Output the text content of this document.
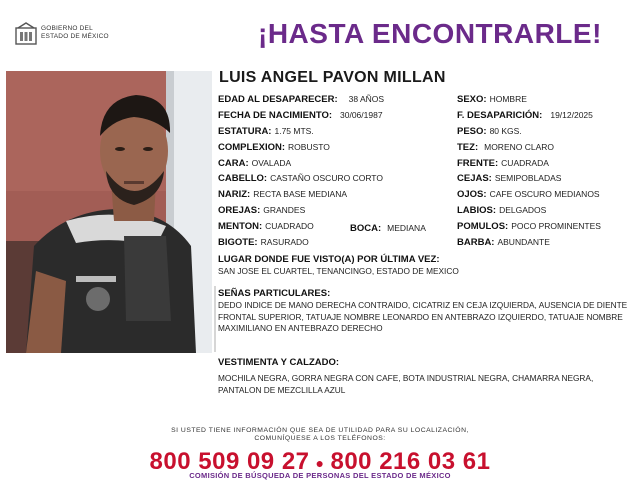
GOBIERNO DEL
ESTADO DE MÉXICO	¡HASTA ENCONTRARLE!
LUIS ANGEL PAVON MILLAN
EDAD AL DESAPARECER: 38 AÑOS
FECHA DE NACIMIENTO: 30/06/1987
ESTATURA: 1.75 MTS.
COMPLEXION: ROBUSTO
CARA: OVALADA
CABELLO: CASTAÑO OSCURO CORTO
NARIZ: RECTA BASE MEDIANA
OREJAS: GRANDES
MENTON: CUADRADO
BIGOTE: RASURADO
BOCA: MEDIANA
SEXO: HOMBRE
F. DESAPARICIÓN: 19/12/2025
PESO: 80 KGS.
TEZ: MORENO CLARO
FRENTE: CUADRADA
CEJAS: SEMIPOBLADAS
OJOS: CAFE OSCURO MEDIANOS
LABIOS: DELGADOS
POMULOS: POCO PROMINENTES
BARBA: ABUNDANTE
LUGAR DONDE FUE VISTO(A) POR ÚLTIMA VEZ:
SAN JOSE EL CUARTEL, TENANCINGO, ESTADO DE MEXICO
SEÑAS PARTICULARES:
DEDO INDICE DE MANO DERECHA CONTRAIDO, CICATRIZ EN CEJA IZQUIERDA, AUSENCIA DE DIENTE FRONTAL SUPERIOR, TATUAJE NOMBRE LEONARDO EN ANTEBRAZO IZQUIERDO, TATUAJE NOMBRE MAXIMILIANO EN ANTEBRAZO DERECHO
VESTIMENTA Y CALZADO:
MOCHILA NEGRA, GORRA NEGRA CON CAFE, BOTA INDUSTRIAL NEGRA, CHAMARRA NEGRA, PANTALON DE MEZCLILLA AZUL
SI USTED TIENE INFORMACIÓN QUE SEA DE UTILIDAD PARA SU LOCALIZACIÓN,
COMUNÍQUESE A LOS TELÉFONOS:
800 509 09 27 ● 800 216 03 61
COMISIÓN DE BÚSQUEDA DE PERSONAS DEL ESTADO DE MÉXICO
